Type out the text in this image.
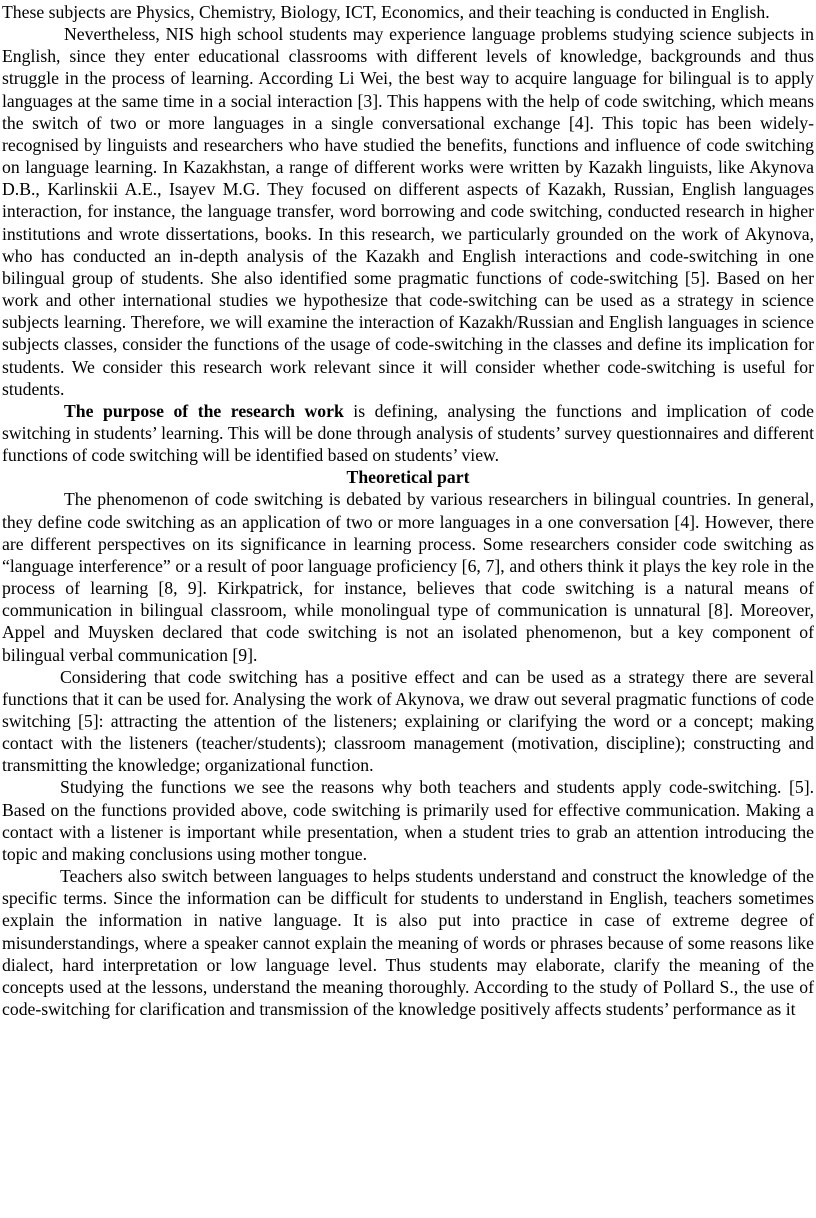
These subjects are Physics, Chemistry, Biology, ICT, Economics, and their teaching is conducted in English.

Nevertheless, NIS high school students may experience language problems studying science subjects in English, since they enter educational classrooms with different levels of knowledge, backgrounds and thus struggle in the process of learning. According Li Wei, the best way to acquire language for bilingual is to apply languages at the same time in a social interaction [3]. This happens with the help of code switching, which means the switch of two or more languages in a single conversational exchange [4]. This topic has been widely-recognised by linguists and researchers who have studied the benefits, functions and influence of code switching on language learning. In Kazakhstan, a range of different works were written by Kazakh linguists, like Akynova D.B., Karlinskii A.E., Isayev M.G. They focused on different aspects of Kazakh, Russian, English languages interaction, for instance, the language transfer, word borrowing and code switching, conducted research in higher institutions and wrote dissertations, books. In this research, we particularly grounded on the work of Akynova, who has conducted an in-depth analysis of the Kazakh and English interactions and code-switching in one bilingual group of students. She also identified some pragmatic functions of code-switching [5]. Based on her work and other international studies we hypothesize that code-switching can be used as a strategy in science subjects learning. Therefore, we will examine the interaction of Kazakh/Russian and English languages in science subjects classes, consider the functions of the usage of code-switching in the classes and define its implication for students. We consider this research work relevant since it will consider whether code-switching is useful for students.

The purpose of the research work is defining, analysing the functions and implication of code switching in students’ learning. This will be done through analysis of students’ survey questionnaires and different functions of code switching will be identified based on students’ view.

Theoretical part

The phenomenon of code switching is debated by various researchers in bilingual countries. In general, they define code switching as an application of two or more languages in a one conversation [4]. However, there are different perspectives on its significance in learning process. Some researchers consider code switching as “language interference” or a result of poor language proficiency [6, 7], and others think it plays the key role in the process of learning [8, 9]. Kirkpatrick, for instance, believes that code switching is a natural means of communication in bilingual classroom, while monolingual type of communication is unnatural [8]. Moreover, Appel and Muysken declared that code switching is not an isolated phenomenon, but a key component of bilingual verbal communication [9].

Considering that code switching has a positive effect and can be used as a strategy there are several functions that it can be used for. Analysing the work of Akynova, we draw out several pragmatic functions of code switching [5]: attracting the attention of the listeners; explaining or clarifying the word or a concept; making contact with the listeners (teacher/students); classroom management (motivation, discipline); constructing and transmitting the knowledge; organizational function.

Studying the functions we see the reasons why both teachers and students apply code-switching. [5]. Based on the functions provided above, code switching is primarily used for effective communication. Making a contact with a listener is important while presentation, when a student tries to grab an attention introducing the topic and making conclusions using mother tongue.

Teachers also switch between languages to helps students understand and construct the knowledge of the specific terms. Since the information can be difficult for students to understand in English, teachers sometimes explain the information in native language. It is also put into practice in case of extreme degree of misunderstandings, where a speaker cannot explain the meaning of words or phrases because of some reasons like dialect, hard interpretation or low language level. Thus students may elaborate, clarify the meaning of the concepts used at the lessons, understand the meaning thoroughly. According to the study of Pollard S., the use of code-switching for clarification and transmission of the knowledge positively affects students’ performance as it
